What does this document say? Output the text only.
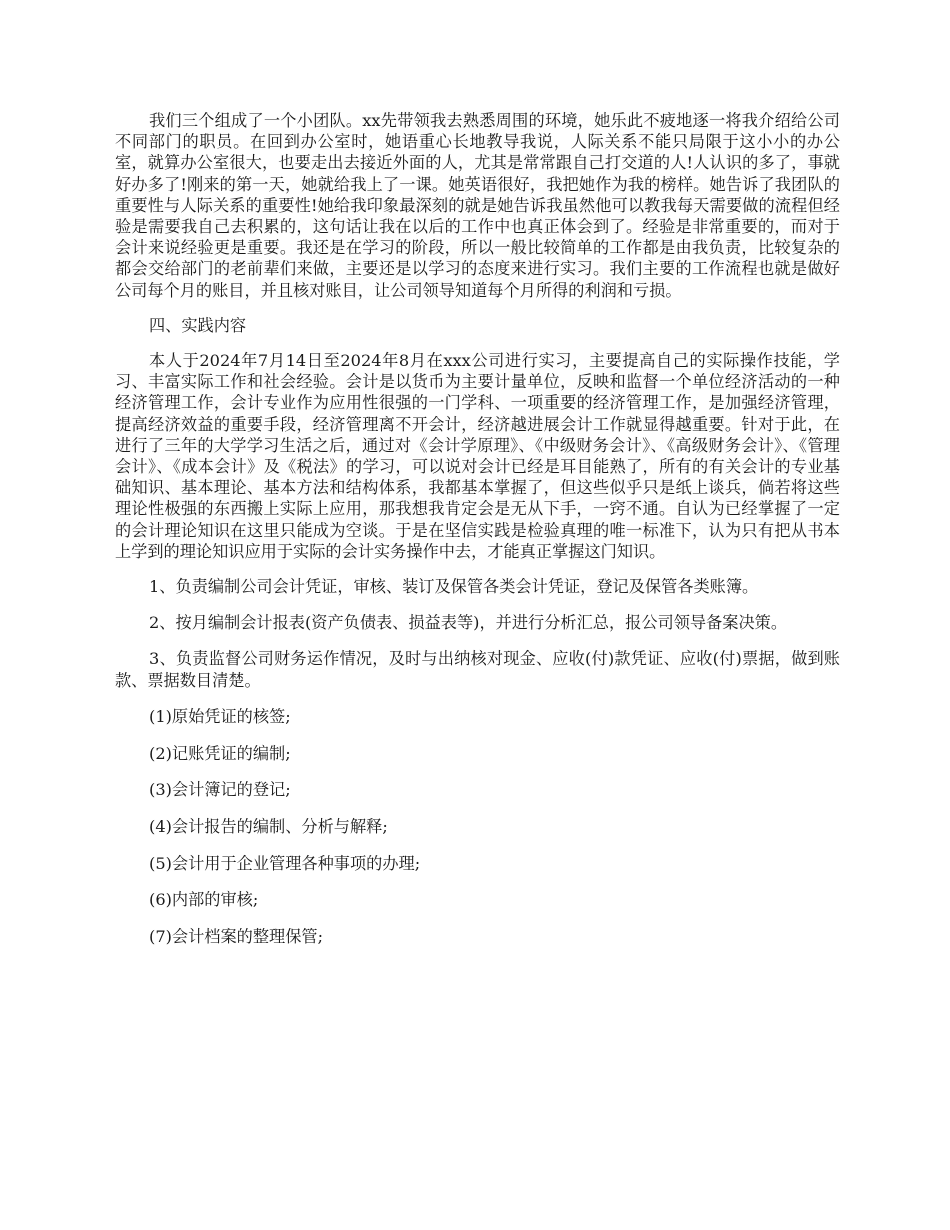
我们三个组成了一个小团队。xx先带领我去熟悉周围的环境，她乐此不疲地逐一将我介绍给公司不同部门的职员。在回到办公室时，她语重心长地教导我说，人际关系不能只局限于这小小的办公室，就算办公室很大，也要走出去接近外面的人，尤其是常常跟自己打交道的人!人认识的多了，事就好办多了!刚来的第一天，她就给我上了一课。她英语很好，我把她作为我的榜样。她告诉了我团队的重要性与人际关系的重要性!她给我印象最深刻的就是她告诉我虽然他可以教我每天需要做的流程但经验是需要我自己去积累的，这句话让我在以后的工作中也真正体会到了。经验是非常重要的，而对于会计来说经验更是重要。我还是在学习的阶段，所以一般比较简单的工作都是由我负责，比较复杂的都会交给部门的老前辈们来做，主要还是以学习的态度来进行实习。我们主要的工作流程也就是做好公司每个月的账目，并且核对账目，让公司领导知道每个月所得的利润和亏损。

四、实践内容

本人于2024年7月14日至2024年8月在xxx公司进行实习，主要提高自己的实际操作技能，学习、丰富实际工作和社会经验。会计是以货币为主要计量单位，反映和监督一个单位经济活动的一种经济管理工作，会计专业作为应用性很强的一门学科、一项重要的经济管理工作，是加强经济管理，提高经济效益的重要手段，经济管理离不开会计，经济越进展会计工作就显得越重要。针对于此，在进行了三年的大学学习生活之后，通过对《会计学原理》、《中级财务会计》、《高级财务会计》、《管理会计》、《成本会计》及《税法》的学习，可以说对会计已经是耳目能熟了，所有的有关会计的专业基础知识、基本理论、基本方法和结构体系，我都基本掌握了，但这些似乎只是纸上谈兵，倘若将这些理论性极强的东西搬上实际上应用，那我想我肯定会是无从下手，一窍不通。自认为已经掌握了一定的会计理论知识在这里只能成为空谈。于是在坚信实践是检验真理的唯一标准下，认为只有把从书本上学到的理论知识应用于实际的会计实务操作中去，才能真正掌握这门知识。

1、负责编制公司会计凭证，审核、装订及保管各类会计凭证，登记及保管各类账簿。

2、按月编制会计报表(资产负债表、损益表等)，并进行分析汇总，报公司领导备案决策。

3、负责监督公司财务运作情况，及时与出纳核对现金、应收(付)款凭证、应收(付)票据，做到账款、票据数目清楚。

(1)原始凭证的核签;

(2)记账凭证的编制;

(3)会计簿记的登记;

(4)会计报告的编制、分析与解释;

(5)会计用于企业管理各种事项的办理;

(6)内部的审核;

(7)会计档案的整理保管;
